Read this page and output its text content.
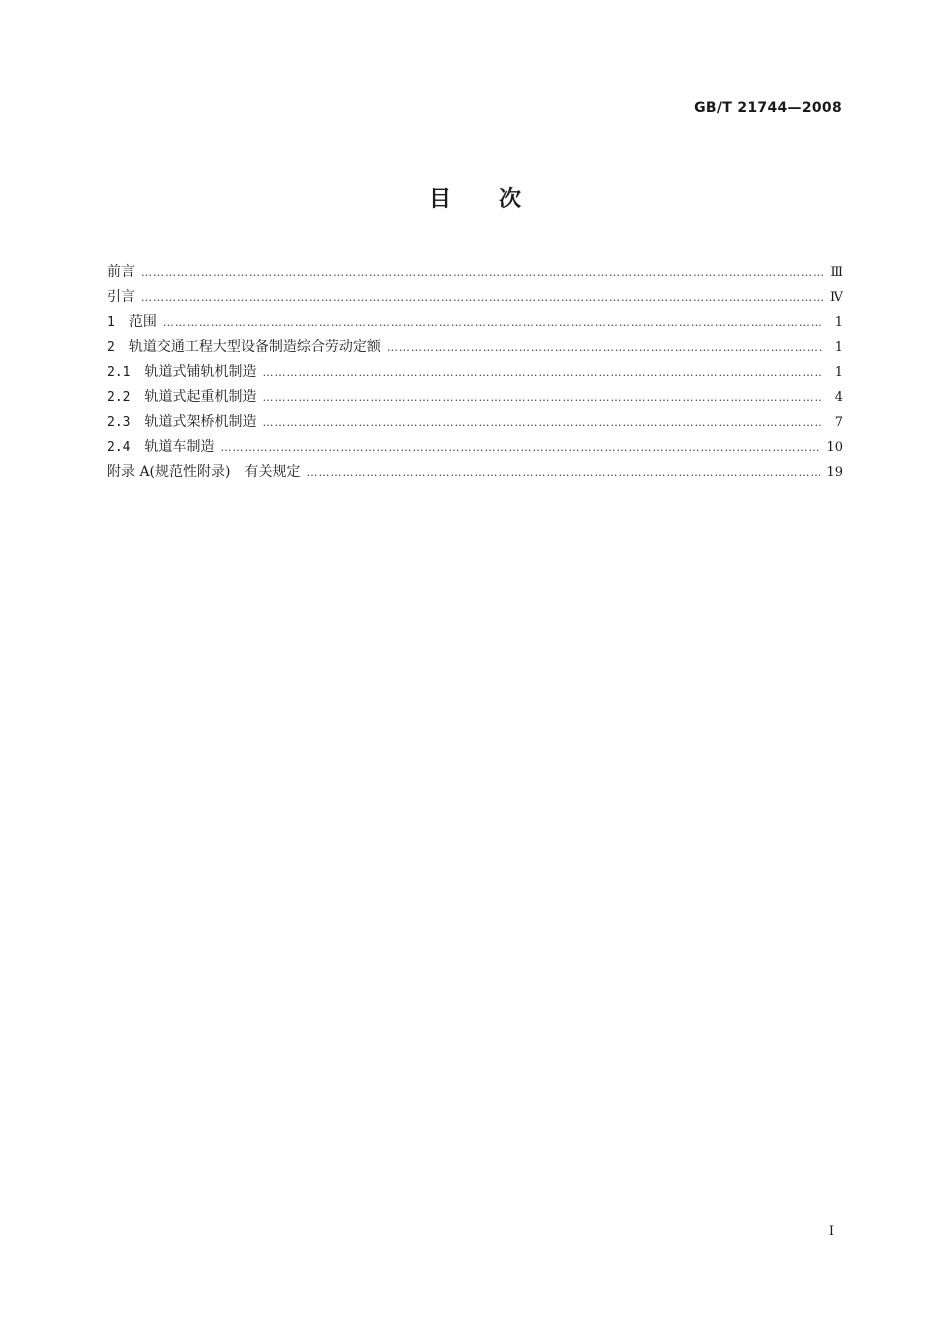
GB/T 21744—2008
目次
前言 ……………………………………………………………………………………………………………………………………………………………………………………………………………………………………………………	Ⅲ
引言 ……………………………………………………………………………………………………………………………………………………………………………………………………………………………………………………	Ⅳ
1 范围 ……………………………………………………………………………………………………………………………………………………………………………………………………………………………………………………	1
2 轨道交通工程大型设备制造综合劳动定额 ……………………………………………………………………………………………………………………………………………………………………………………………………………………………………………………	1
2.1 轨道式铺轨机制造 ……………………………………………………………………………………………………………………………………………………………………………………………………………………………………………………	1
2.2 轨道式起重机制造 ……………………………………………………………………………………………………………………………………………………………………………………………………………………………………………………	4
2.3 轨道式架桥机制造 ……………………………………………………………………………………………………………………………………………………………………………………………………………………………………………………	7
2.4 轨道车制造 ……………………………………………………………………………………………………………………………………………………………………………………………………………………………………………………	10
附录 A(规范性附录)　有关规定 ……………………………………………………………………………………………………………………………………………………………………………………………………………………………………………………	19
Ⅰ
